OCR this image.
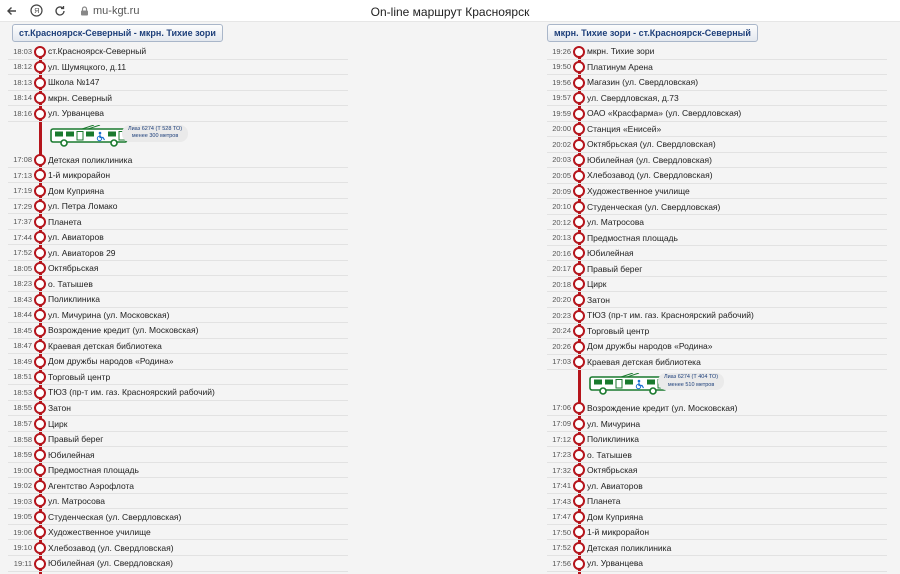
Я	mu-kgt.ru	On-line маршрут Красноярск
ст.Красноярск-Северный - мкрн. Тихие зори
18:03 ст.Красноярск-Северный
18:12 ул. Шумяцкого, д.11
18:13 Школа №147
18:14 мкрн. Северный
18:16 ул. Урванцева
Лиаз 6274 (Т 528 ТО)
менее 300 метров
17:08 Детская поликлиника
17:13 1-й микрорайон
17:19 Дом Куприяна
17:29 ул. Петра Ломако
17:37 Планета
17:44 ул. Авиаторов
17:52 ул. Авиаторов 29
18:05 Октябрьская
18:23 о. Татышев
18:43 Поликлиника
18:44 ул. Мичурина (ул. Московская)
18:45 Возрождение кредит (ул. Московская)
18:47 Краевая детская библиотека
18:49 Дом дружбы народов «Родина»
18:51 Торговый центр
18:53 ТЮЗ (пр-т им. газ. Красноярский рабочий)
18:55 Затон
18:57 Цирк
18:58 Правый берег
18:59 Юбилейная
19:00 Предмостная площадь
19:02 Агентство Аэрофлота
19:03 ул. Матросова
19:05 Студенческая (ул. Свердловская)
19:06 Художественное училище
19:10 Хлебозавод (ул. Свердловская)
19:11 Юбилейная (ул. Свердловская)
мкрн. Тихие зори - ст.Красноярск-Северный
19:26 мкрн. Тихие зори
19:50 Платинум Арена
19:56 Магазин (ул. Свердловская)
19:57 ул. Свердловская, д.73
19:59 ОАО «Красфарма» (ул. Свердловская)
20:00 Станция «Енисей»
20:02 Октябрьская (ул. Свердловская)
20:03 Юбилейная (ул. Свердловская)
20:05 Хлебозавод (ул. Свердловская)
20:09 Художественное училище
20:10 Студенческая (ул. Свердловская)
20:12 ул. Матросова
20:13 Предмостная площадь
20:16 Юбилейная
20:17 Правый берег
20:18 Цирк
20:20 Затон
20:23 ТЮЗ (пр-т им. газ. Красноярский рабочий)
20:24 Торговый центр
20:26 Дом дружбы народов «Родина»
17:03 Краевая детская библиотека
Лиаз 6274 (Т 404 ТО)
менее 510 метров
17:06 Возрождение кредит (ул. Московская)
17:09 ул. Мичурина
17:12 Поликлиника
17:23 о. Татышев
17:32 Октябрьская
17:41 ул. Авиаторов
17:43 Планета
17:47 Дом Куприяна
17:50 1-й микрорайон
17:52 Детская поликлиника
17:56 ул. Урванцева
